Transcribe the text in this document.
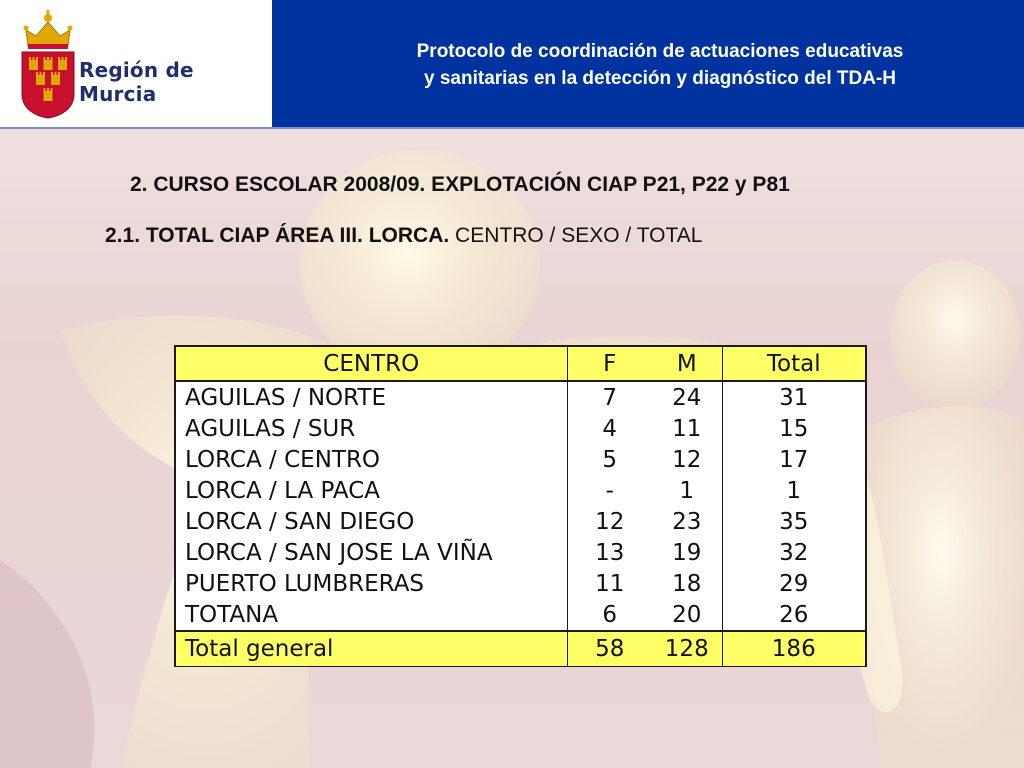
Región de Murcia
Protocolo de coordinación de actuaciones educativas
y sanitarias en la detección y diagnóstico del TDA-H
2. CURSO ESCOLAR 2008/09. EXPLOTACIÓN CIAP P21, P22 y P81
2.1. TOTAL CIAP ÁREA III. LORCA. CENTRO / SEXO / TOTAL
CENTRO	F	M	Total
AGUILAS / NORTE	7	24	31
AGUILAS / SUR	4	11	15
LORCA / CENTRO	5	12	17
LORCA / LA PACA	-	1	1
LORCA / SAN DIEGO	12	23	35
LORCA / SAN JOSE LA VIÑA	13	19	32
PUERTO LUMBRERAS	11	18	29
TOTANA	6	20	26
Total general	58	128	186
